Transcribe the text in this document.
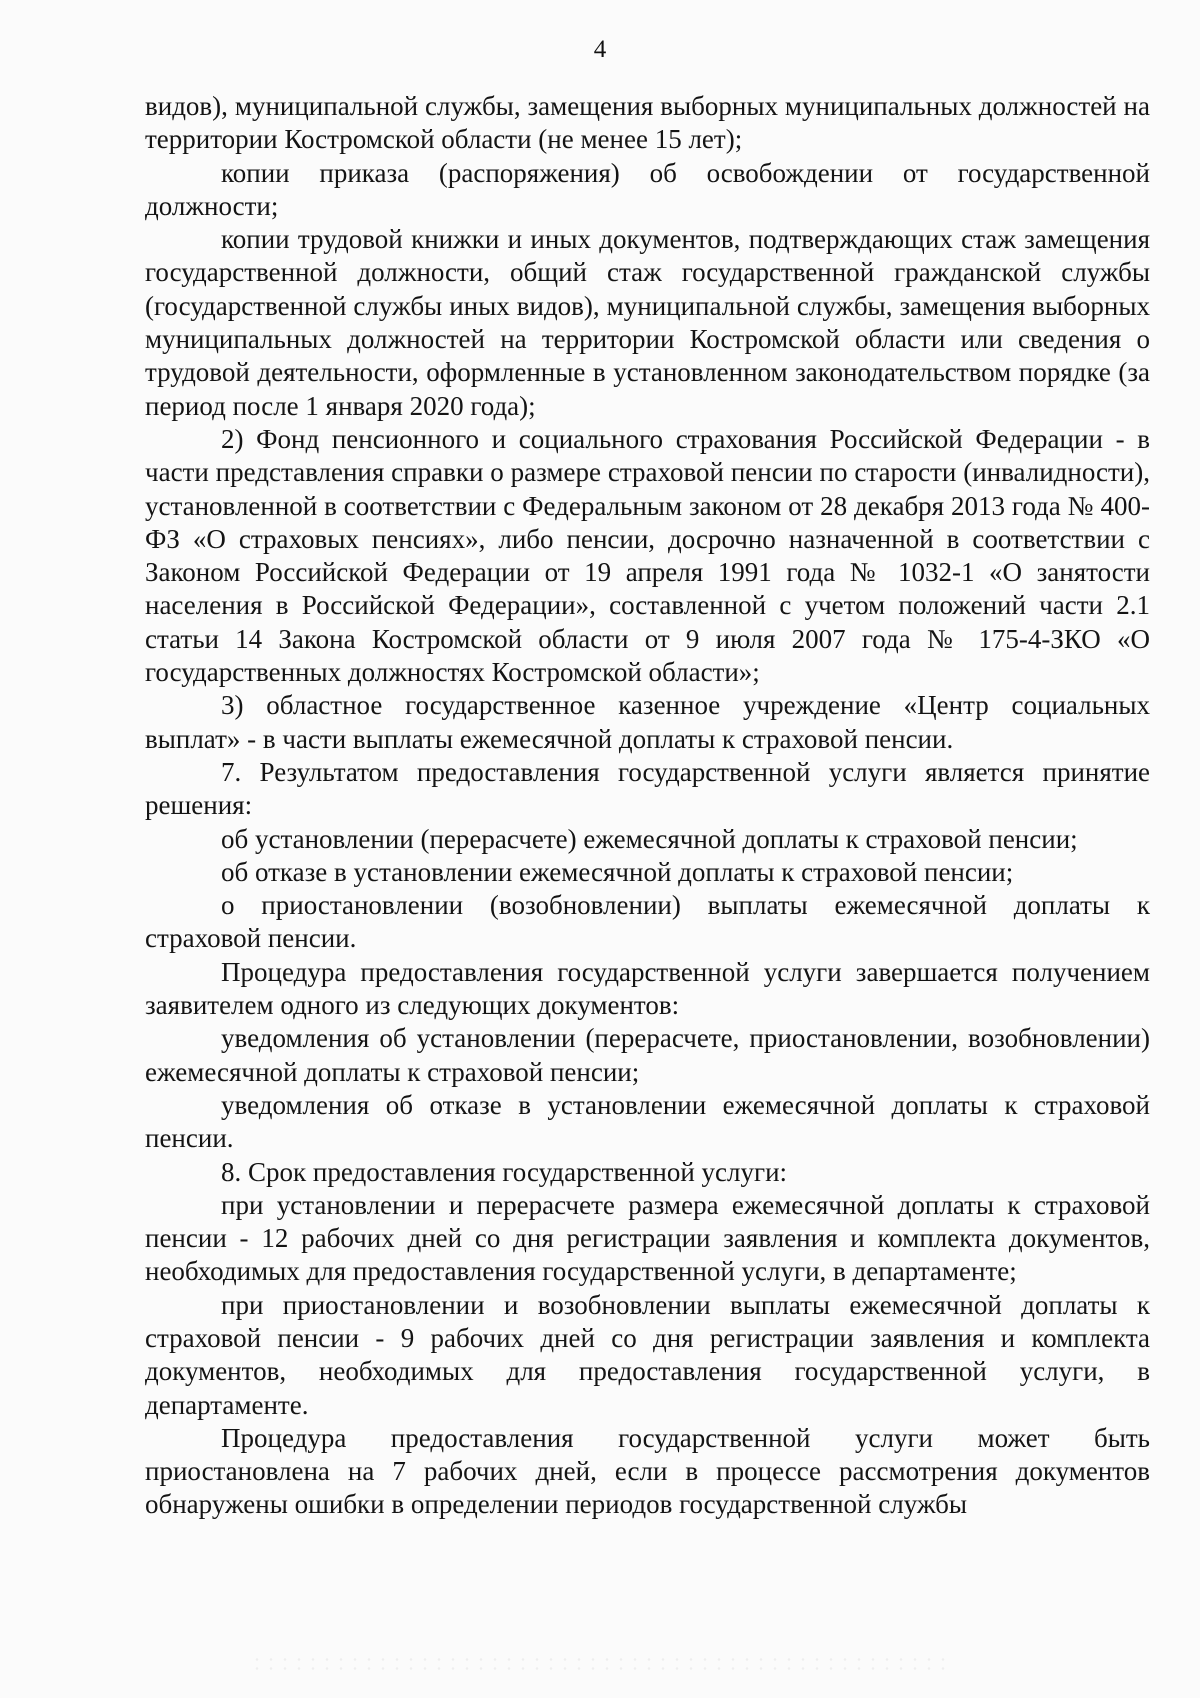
4

видов), муниципальной службы, замещения выборных муниципальных должностей на территории Костромской области (не менее 15 лет);

копии приказа (распоряжения) об освобождении от государственной должности;

копии трудовой книжки и иных документов, подтверждающих стаж замещения государственной должности, общий стаж государственной гражданской службы (государственной службы иных видов), муниципальной службы, замещения выборных муниципальных должностей на территории Костромской области или сведения о трудовой деятельности, оформленные в установленном законодательством порядке (за период после 1 января 2020 года);

2) Фонд пенсионного и социального страхования Российской Федерации - в части представления справки о размере страховой пенсии по старости (инвалидности), установленной в соответствии с Федеральным законом от 28 декабря 2013 года № 400-ФЗ «О страховых пенсиях», либо пенсии, досрочно назначенной в соответствии с Законом Российской Федерации от 19 апреля 1991 года № 1032-1 «О занятости населения в Российской Федерации», составленной с учетом положений части 2.1 статьи 14 Закона Костромской области от 9 июля 2007 года № 175-4-ЗКО «О государственных должностях Костромской области»;

3) областное государственное казенное учреждение «Центр социальных выплат» - в части выплаты ежемесячной доплаты к страховой пенсии.

7. Результатом предоставления государственной услуги является принятие решения:

об установлении (перерасчете) ежемесячной доплаты к страховой пенсии;

об отказе в установлении ежемесячной доплаты к страховой пенсии;

о приостановлении (возобновлении) выплаты ежемесячной доплаты к страховой пенсии.

Процедура предоставления государственной услуги завершается получением заявителем одного из следующих документов:

уведомления об установлении (перерасчете, приостановлении, возобновлении) ежемесячной доплаты к страховой пенсии;

уведомления об отказе в установлении ежемесячной доплаты к страховой пенсии.

8. Срок предоставления государственной услуги:

при установлении и перерасчете размера ежемесячной доплаты к страховой пенсии - 12 рабочих дней со дня регистрации заявления и комплекта документов, необходимых для предоставления государственной услуги, в департаменте;

при приостановлении и возобновлении выплаты ежемесячной доплаты к страховой пенсии - 9 рабочих дней со дня регистрации заявления и комплекта документов, необходимых для предоставления государственной услуги, в департаменте.

Процедура предоставления государственной услуги может быть приостановлена на 7 рабочих дней, если в процессе рассмотрения документов обнаружены ошибки в определении периодов государственной службы
